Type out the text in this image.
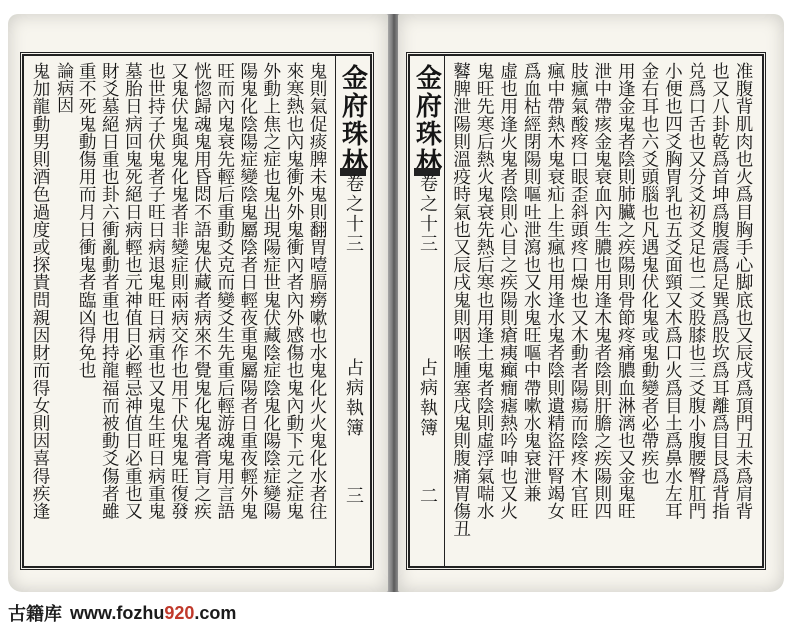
金府珠林
卷之十三
占病執簿
三
鬼則氣促痰脾未鬼則翻胃噎膈癆嗽也水鬼化火火鬼化水者往
來寒熱也內鬼衝外外鬼衝內者內外感傷也鬼內動下元之症鬼
外動上焦之症也鬼出現陽症世鬼伏藏陰症陰鬼化陽陰症變陽
陽鬼化陰陽症變陰鬼屬陰者日輕夜重鬼屬陽者日重夜輕外鬼
旺而內鬼衰先輕后重動爻克而變爻生先重后輕游魂鬼用言語
恍惚歸魂鬼用昏悶不語鬼伏藏者病來不覺鬼化鬼者膏肓之疾
又鬼伏鬼與鬼化鬼者非變症則兩病交作也用下伏鬼鬼旺復發
也世持子伏鬼者子旺日病退鬼旺日病重也又鬼生旺日病重鬼
墓胎日病回鬼死絕日病輕也元神值日必輕忌神值日必重也又
財爻墓絕日重也卦六衝亂動者重也用持龍福而被動爻傷者雖
重不死鬼動傷用而月日衝鬼者臨凶得免也
論病因
鬼加龍動男則酒色過度或探貴問親因財而得女則因喜得疾逢	金府珠林
卷之十三
占病執簿
二	准腹背肌肉也火爲目胸手心脚底也又辰戌爲頂門丑未爲肩背
也又八卦乾爲首坤爲腹震爲足巽爲股坎爲耳離爲目艮爲背指
兑爲口舌也又分爻初爻足也二爻股膝也三爻腹小腹腰臀肛門
小便也四爻胸胃乳也五爻面頸又木爲口火爲目土爲鼻水左耳
金右耳也六爻頭腦也凡遇鬼伏化鬼或鬼動變者必帶疾也
用逢金鬼者陰則肺臟之疾陽則骨節疼痛膿血淋漓也又金鬼旺
泄中帶痎金鬼衰血內生膿也用逢木鬼者陰則肝膽之疾陽則四
肢瘋氣酸疼口眼歪斜頭疼口燥也又木動者陽瘍而陰疼木官旺
瘋中帶熱木鬼衰疝上生瘋也用逢水鬼者陰則遺精盜汗腎竭女
爲血枯經閉陽則嘔吐泄瀉也又水鬼旺嘔中帶嗽水鬼衰泄兼
虛也用逢火鬼者陰則心目之疾陽則瘡痍癲癇瘧熱吟呻也又火
鬼旺先寒后熱火鬼衰先熱后寒也用逢土鬼者陰則虛浮氣喘水
鼛脾泄陽則溫疫時氣也又辰戌鬼則咽喉腫塞戌鬼則腹痛胃傷丑
古籍库 www.fozhu920.com
